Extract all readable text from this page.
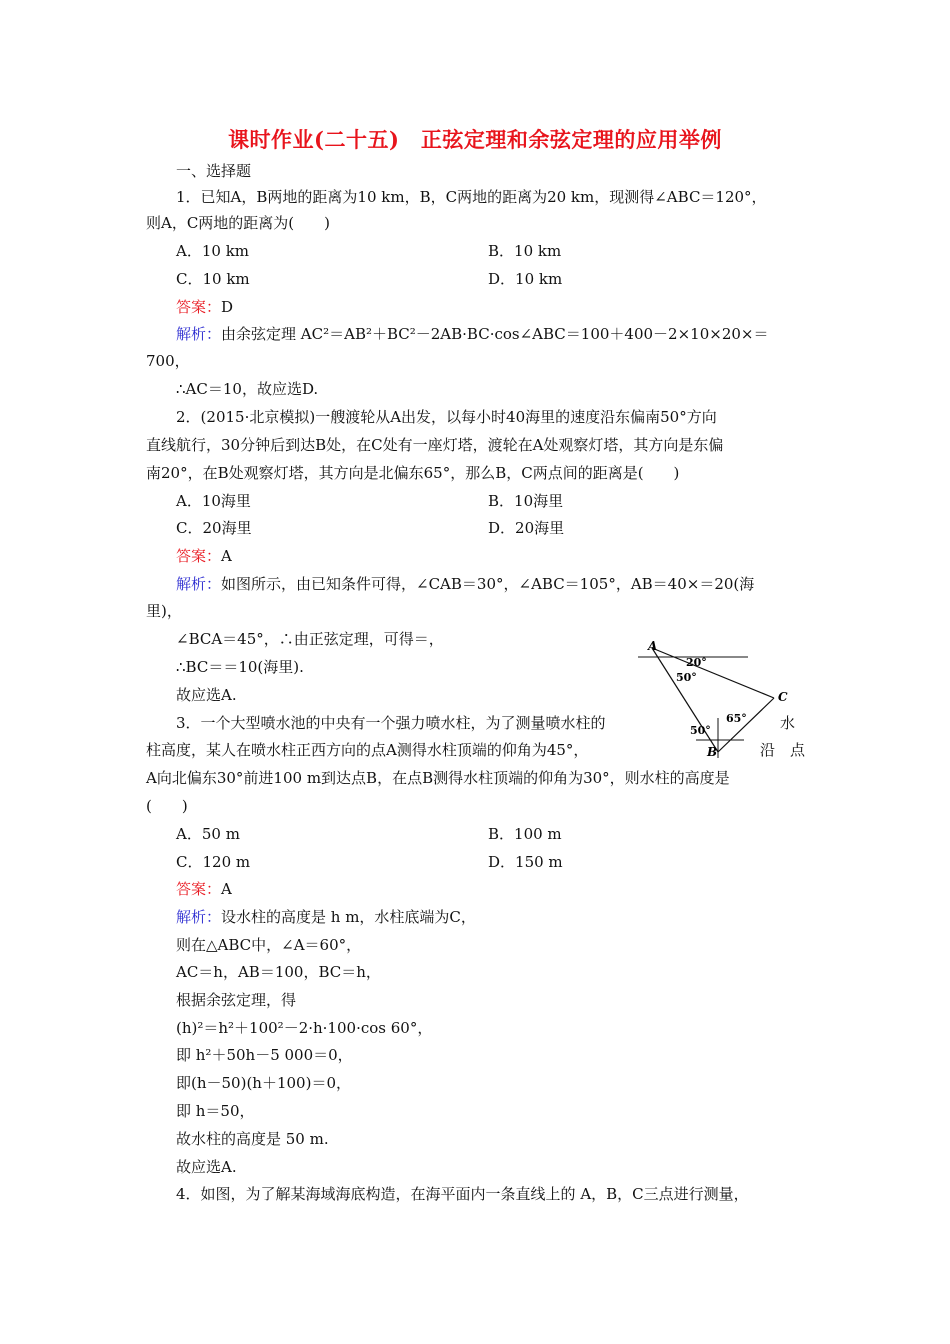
课时作业(二十五)　正弦定理和余弦定理的应用举例
一、选择题
1．已知A，B两地的距离为10 km，B，C两地的距离为20 km，现测得∠ABC＝120°，
则A，C两地的距离为(　　)
A．10 km	B．10 km
C．10 km	D．10 km
答案：D
解析：由余弦定理 AC²＝AB²＋BC²－2AB·BC·cos∠ABC＝100＋400－2×10×20×＝
700，
∴AC＝10，故应选D.
2．(2015·北京模拟)一艘渡轮从A出发，以每小时40海里的速度沿东偏南50°方向
直线航行，30分钟后到达B处，在C处有一座灯塔，渡轮在A处观察灯塔，其方向是东偏
南20°，在B处观察灯塔，其方向是北偏东65°，那么B，C两点间的距离是(　　)
A．10海里	B．10海里
C．20海里	D．20海里
答案：A
解析：如图所示，由已知条件可得，∠CAB＝30°，∠ABC＝105°，AB＝40×＝20(海
里)，
∠BCA＝45°，∴由正弦定理，可得＝，
∴BC＝＝10(海里).
故应选A.
A
B
C
20°
50°
65°
50°
3．一个大型喷水池的中央有一个强力喷水柱，为了测量喷水柱的	水
柱高度，某人在喷水柱正西方向的点A测得水柱顶端的仰角为45°，	沿　点
A向北偏东30°前进100 m到达点B，在点B测得水柱顶端的仰角为30°，则水柱的高度是
(　　)
A．50 m	B．100 m
C．120 m	D．150 m
答案：A
解析：设水柱的高度是 h m，水柱底端为C，
则在△ABC中，∠A＝60°，
AC＝h，AB＝100，BC＝h，
根据余弦定理，得
(h)²＝h²＋100²－2·h·100·cos 60°，
即 h²＋50h－5 000＝0，
即(h－50)(h＋100)＝0，
即 h＝50，
故水柱的高度是 50 m.
故应选A.
4．如图，为了解某海域海底构造，在海平面内一条直线上的 A，B，C三点进行测量，
